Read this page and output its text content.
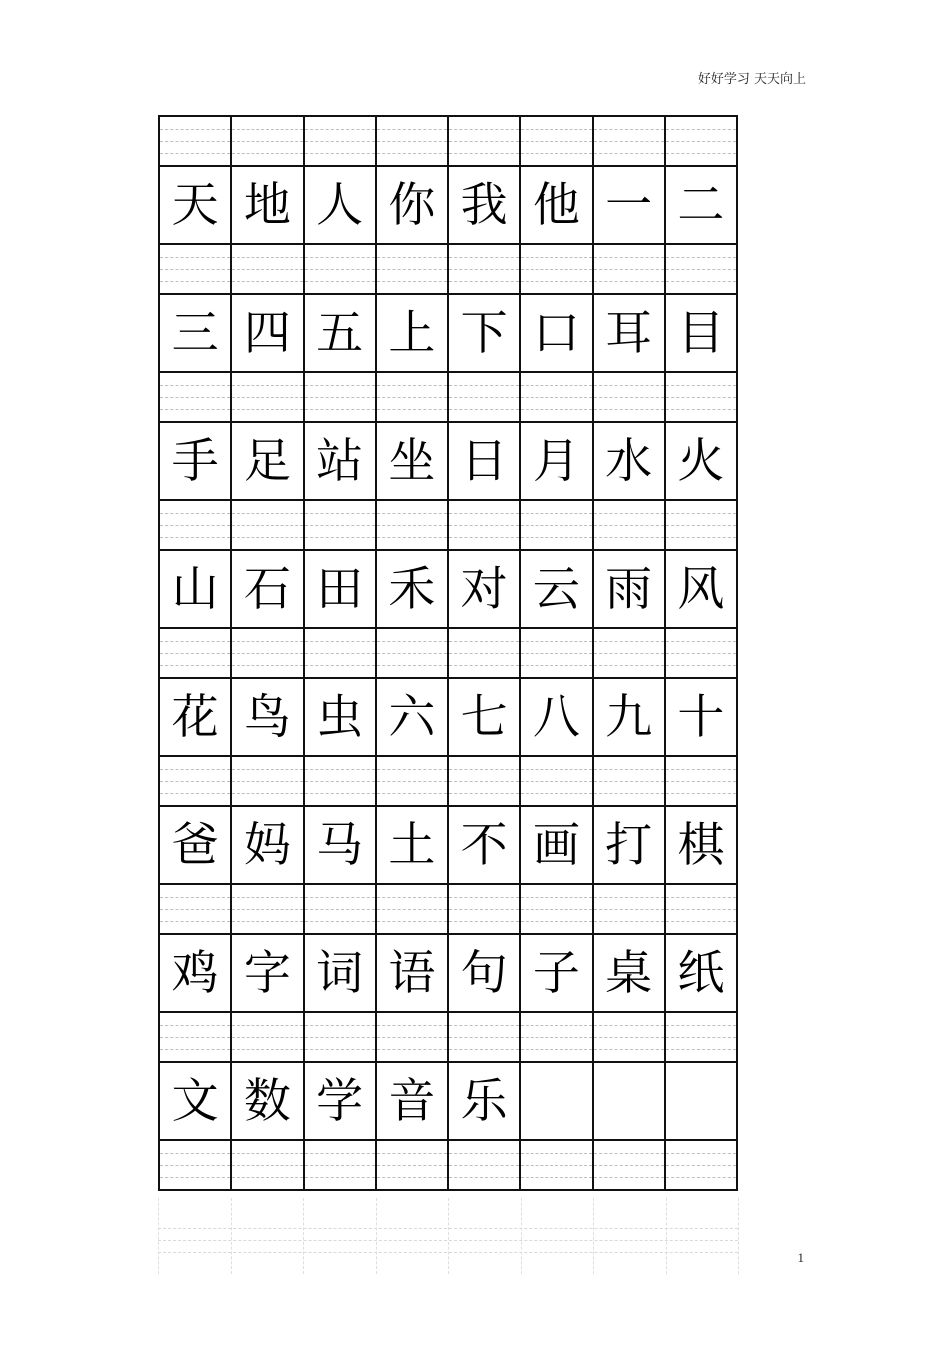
好好学习 天天向上
天 地 人 你 我 他 一 二
三 四 五 上 下 口 耳 目
手 足 站 坐 日 月 水 火
山 石 田 禾 对 云 雨 风
花 鸟 虫 六 七 八 九 十
爸 妈 马 土 不 画 打 棋
鸡 字 词 语 句 子 桌 纸
文 数 学 音 乐
1
